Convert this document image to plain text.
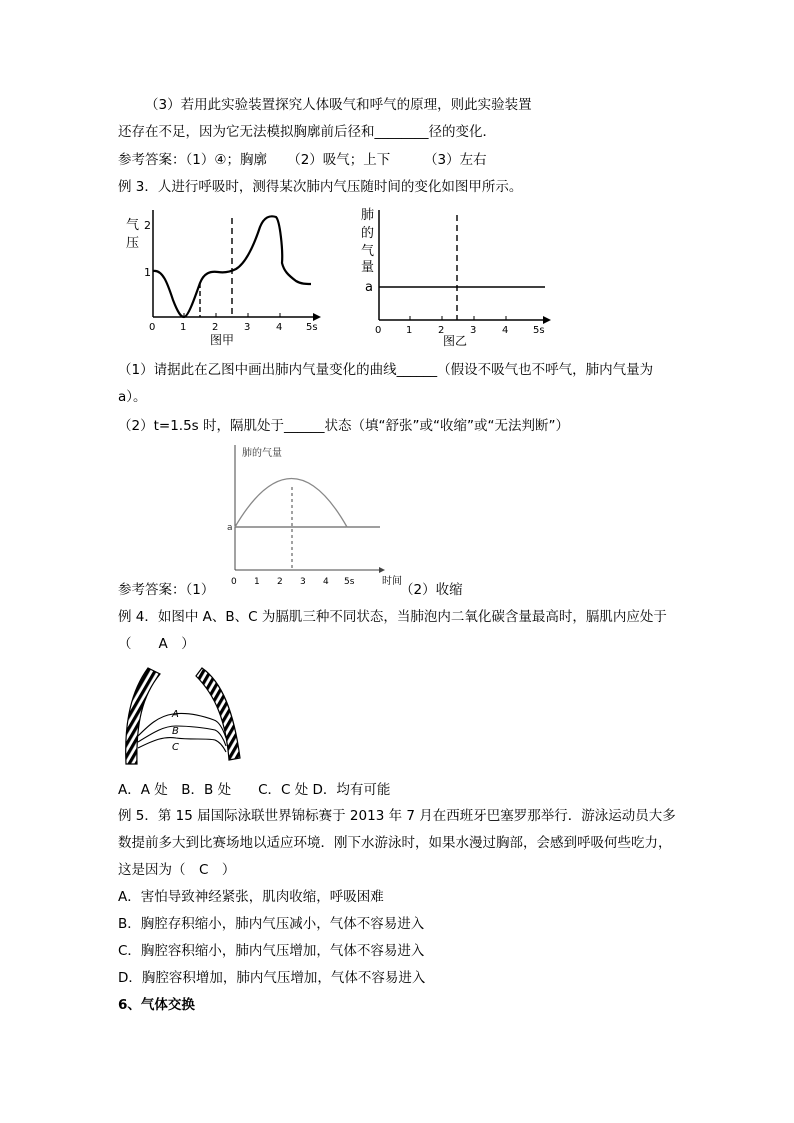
（3）若用此实验装置探究人体吸气和呼气的原理，则此实验装置
还存在不足，因为它无法模拟胸廓前后径和________径的变化．
参考答案：（1）④；胸廓　　（2）吸气；上下　　　（3）左右
例 3．人进行呼吸时，测得某次肺内气压随时间的变化如图甲所示。
气
压
2
1
0 1	2	3	4 5s
图甲
肺
的
气
量
a
0 1	2	3	4 5s
图乙
（1）请据此在乙图中画出肺内气量变化的曲线______（假设不吸气也不呼气，肺内气量为
a）。
（2）t=1.5s 时，隔肌处于______状态（填“舒张”或“收缩”或“无法判断”）
肺的气量
a
0 1 2 3 4 5s	时间
参考答案：（1）	（2）收缩
例 4．如图中 A、B、C 为膈肌三种不同状态，当肺泡内二氧化碳含量最高时，膈肌内应处于
（　　A　）
A
B
C
A．A 处　B．B 处　　C．C 处 D．均有可能
例 5．第 15 届国际泳联世界锦标赛于 2013 年 7 月在西班牙巴塞罗那举行．游泳运动员大多
数提前多大到比赛场地以适应环境．刚下水游泳时，如果水漫过胸部，会感到呼吸何些吃力，
这是因为（　C　）
A．害怕导致神经紧张，肌肉收缩，呼吸困难
B．胸腔存积缩小，肺内气压减小，气体不容易进入
C．胸腔容积缩小，肺内气压增加，气体不容易进入
D．胸腔容积增加，肺内气压增加，气体不容易进入
6、气体交换
